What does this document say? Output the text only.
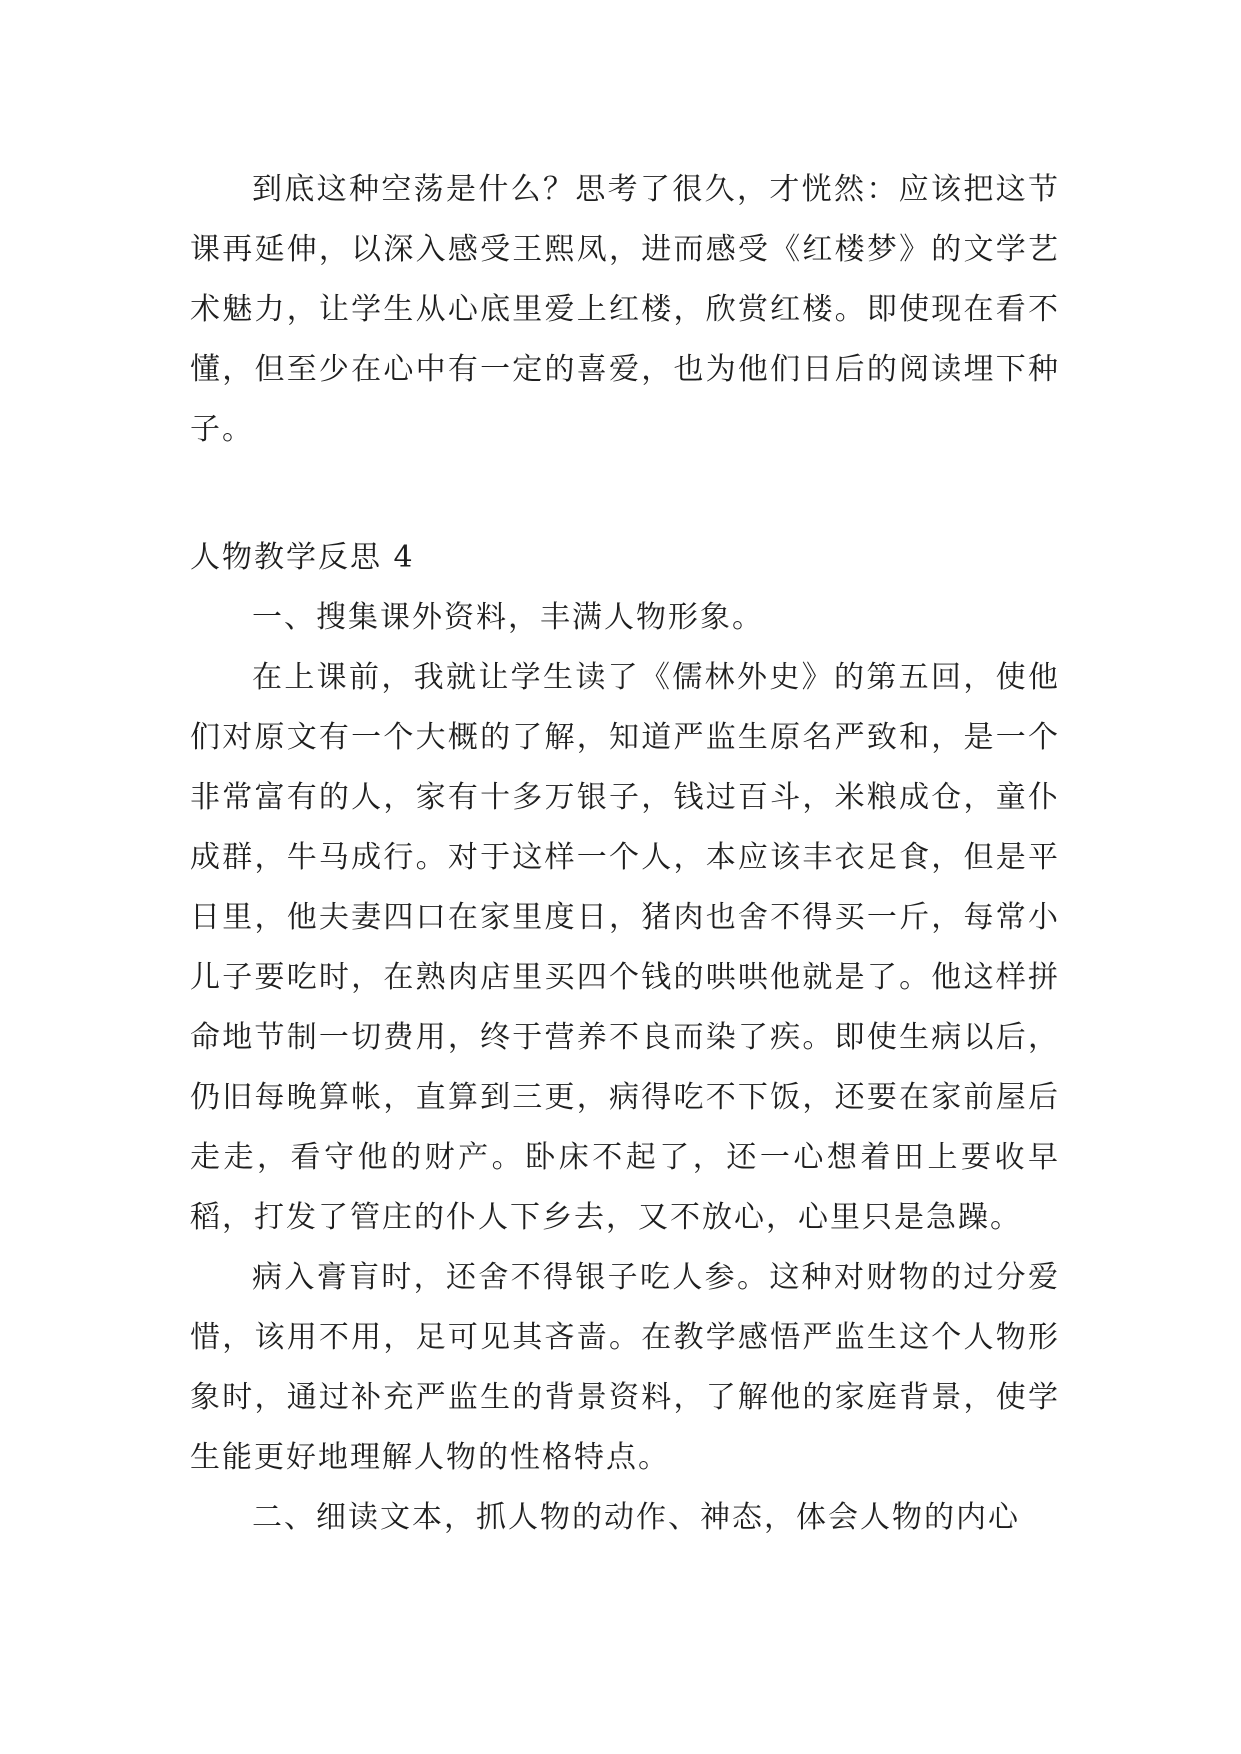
到底这种空荡是什么？思考了很久，才恍然：应该把这节课再延伸，以深入感受王熙凤，进而感受《红楼梦》的文学艺术魅力，让学生从心底里爱上红楼，欣赏红楼。即使现在看不懂，但至少在心中有一定的喜爱，也为他们日后的阅读埋下种子。

人物教学反思 4

一、搜集课外资料，丰满人物形象。

在上课前，我就让学生读了《儒林外史》的第五回，使他们对原文有一个大概的了解，知道严监生原名严致和，是一个非常富有的人，家有十多万银子，钱过百斗，米粮成仓，童仆成群，牛马成行。对于这样一个人，本应该丰衣足食，但是平日里，他夫妻四口在家里度日，猪肉也舍不得买一斤，每常小儿子要吃时，在熟肉店里买四个钱的哄哄他就是了。他这样拼命地节制一切费用，终于营养不良而染了疾。即使生病以后，仍旧每晚算帐，直算到三更，病得吃不下饭，还要在家前屋后走走，看守他的财产。卧床不起了，还一心想着田上要收早稻，打发了管庄的仆人下乡去，又不放心，心里只是急躁。

病入膏肓时，还舍不得银子吃人参。这种对财物的过分爱惜，该用不用，足可见其吝啬。在教学感悟严监生这个人物形象时，通过补充严监生的背景资料，了解他的家庭背景，使学生能更好地理解人物的性格特点。

二、细读文本，抓人物的动作、神态，体会人物的内心
